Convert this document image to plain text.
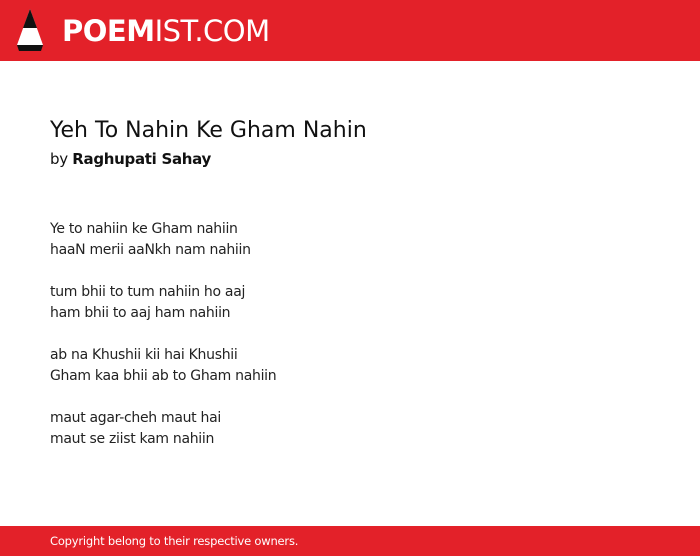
POEMIST.COM
Yeh To Nahin Ke Gham Nahin
by Raghupati Sahay
Ye to nahiin ke Gham nahiin
haaN merii aaNkh nam nahiin
tum bhii to tum nahiin ho aaj
ham bhii to aaj ham nahiin
ab na Khushii kii hai Khushii
Gham kaa bhii ab to Gham nahiin
maut agar-cheh maut hai
maut se ziist kam nahiin
Copyright belong to their respective owners.
